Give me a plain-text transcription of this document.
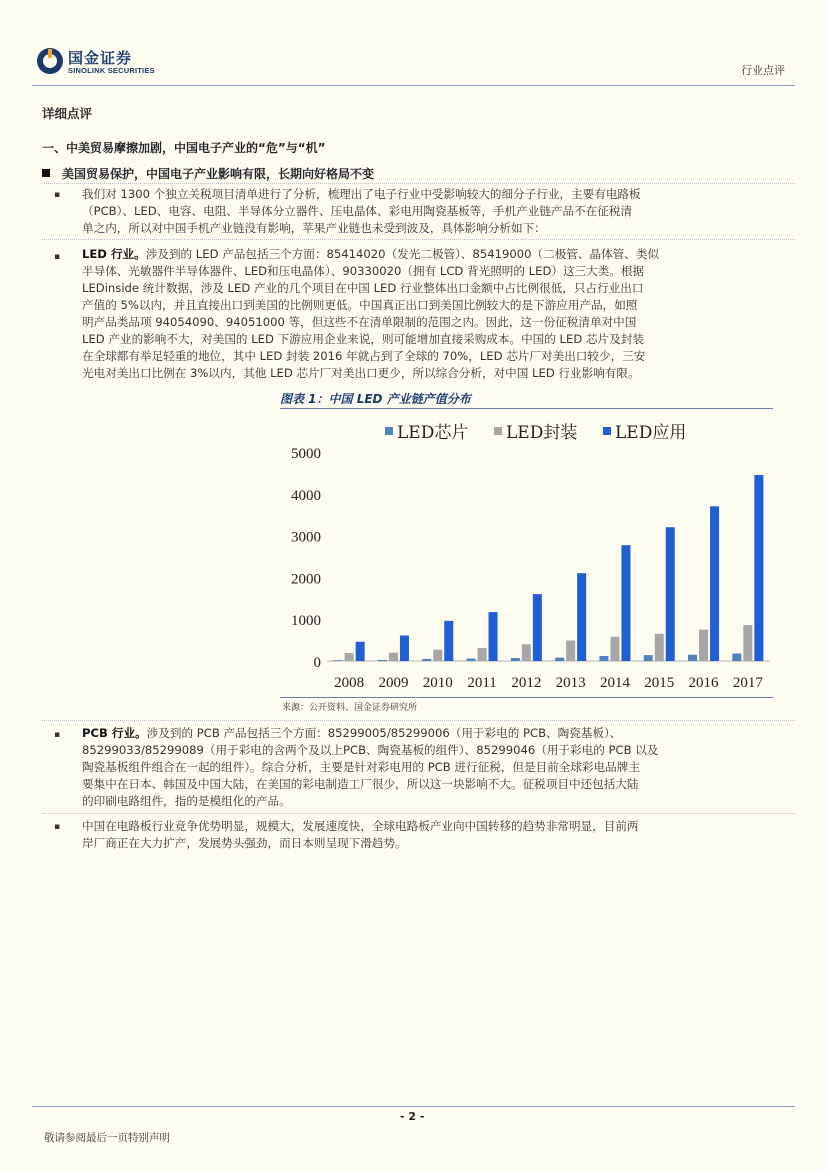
国金证券
SINOLINK SECURITIES	行业点评
详细点评
一、中美贸易摩擦加剧，中国电子产业的“危”与“机”
美国贸易保护，中国电子产业影响有限，长期向好格局不变
▪ 我们对 1300 个独立关税项目清单进行了分析，梳理出了电子行业中受影响较大的细分子行业，主要有电路板
（PCB）、LED、电容、电阻、半导体分立器件、压电晶体、彩电用陶瓷基板等，手机产业链产品不在征税清
单之内，所以对中国手机产业链没有影响，苹果产业链也未受到波及，具体影响分析如下：
▪ LED 行业。涉及到的 LED 产品包括三个方面：85414020（发光二极管）、85419000（二极管、晶体管、类似
半导体、光敏器件半导体器件、LED和压电晶体）、90330020（拥有 LCD 背光照明的 LED）这三大类。根据
LEDinside 统计数据，涉及 LED 产业的几个项目在中国 LED 行业整体出口金额中占比例很低，只占行业出口
产值的 5%以内，并且直接出口到美国的比例则更低。中国真正出口到美国比例较大的是下游应用产品，如照
明产品类品项 94054090、94051000 等，但这些不在清单限制的范围之内。因此，这一份征税清单对中国
LED 产业的影响不大，对美国的 LED 下游应用企业来说，则可能增加直接采购成本。中国的 LED 芯片及封装
在全球都有举足轻重的地位，其中 LED 封装 2016 年就占到了全球的 70%，LED 芯片厂对美出口较少，三安
光电对美出口比例在 3%以内，其他 LED 芯片厂对美出口更少，所以综合分析，对中国 LED 行业影响有限。
图表 1：中国 LED 产业链产值分布
LED芯片 LED封装 LED应用
0
1000
2000
3000
4000
5000
2008 2009 2010 2011 2012 2013 2014 2015 2016 2017
来源：公开资料、国金证券研究所
▪ PCB 行业。涉及到的 PCB 产品包括三个方面：85299005/85299006（用于彩电的 PCB、陶瓷基板）、
85299033/85299089（用于彩电的含两个及以上PCB、陶瓷基板的组件）、85299046（用于彩电的 PCB 以及
陶瓷基板组件组合在一起的组件）。综合分析，主要是针对彩电用的 PCB 进行征税，但是目前全球彩电品牌主
要集中在日本、韩国及中国大陆，在美国的彩电制造工厂很少，所以这一块影响不大。征税项目中还包括大陆
的印刷电路组件，指的是模组化的产品。
▪ 中国在电路板行业竞争优势明显，规模大，发展速度快，全球电路板产业向中国转移的趋势非常明显，目前两
岸厂商正在大力扩产，发展势头强劲，而日本则呈现下滑趋势。
- 2 -
敬请参阅最后一页特别声明
